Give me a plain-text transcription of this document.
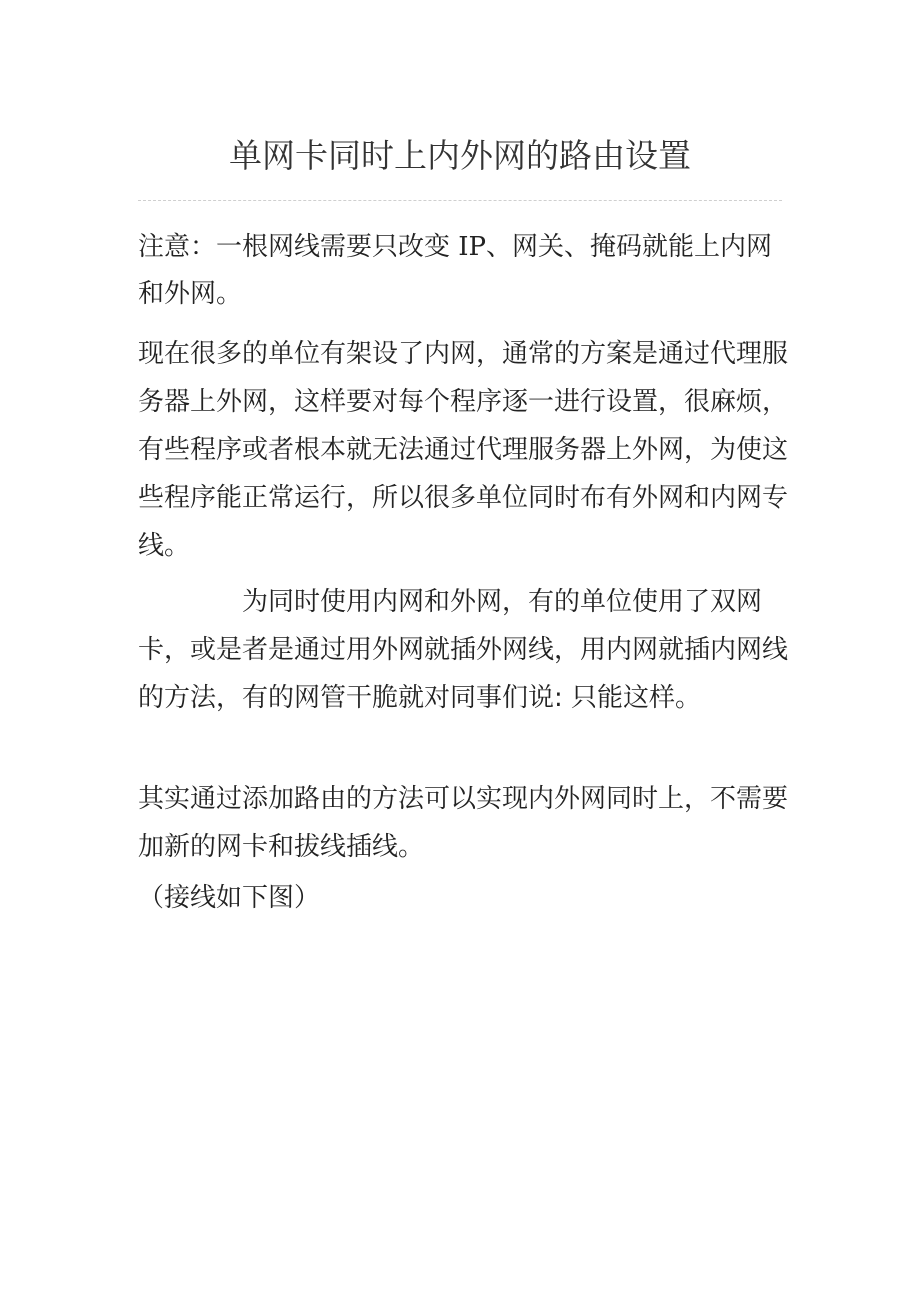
单网卡同时上内外网的路由设置
注意：一根网线需要只改变 IP、网关、掩码就能上内网和外网。
现在很多的单位有架设了内网，通常的方案是通过代理服务器上外网，这样要对每个程序逐一进行设置，很麻烦，有些程序或者根本就无法通过代理服务器上外网，为使这些程序能正常运行，所以很多单位同时布有外网和内网专线。
　　　　为同时使用内网和外网，有的单位使用了双网卡，或是者是通过用外网就插外网线，用内网就插内网线的方法，有的网管干脆就对同事们说: 只能这样。
其实通过添加路由的方法可以实现内外网同时上，不需要加新的网卡和拔线插线。
（接线如下图）
